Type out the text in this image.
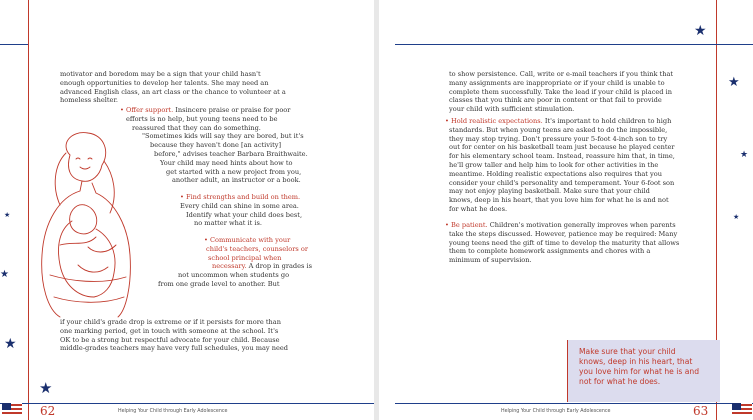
★
★
★
★
motivator and boredom may be a sign that your child hasn't
enough opportunities to develop her talents. She may need an
advanced English class, an art class or the chance to volunteer at a
homeless shelter.
• Offer support. Insincere praise or praise for poor
efforts is no help, but young teens need to be
reassured that they can do something.
"Sometimes kids will say they are bored, but it's
because they haven't done [an activity]
before," advises teacher Barbara Braithwaite.
Your child may need hints about how to
get started with a new project from you,
another adult, an instructor or a book.
• Find strengths and build on them.
Every child can shine in some area.
Identify what your child does best,
no matter what it is.
• Communicate with your
child's teachers, counselors or
school principal when
necessary. A drop in grades is
not uncommon when students go
from one grade level to another. But
if your child's grade drop is extreme or if it persists for more than
one marking period, get in touch with someone at the school. It's
OK to be a strong but respectful advocate for your child. Because
middle-grades teachers may have very full schedules, you may need
62	Helping Your Child through Early Adolescence
★
★
★
★
to show persistence. Call, write or e-mail teachers if you think that
many assignments are inappropriate or if your child is unable to
complete them successfully. Take the lead if your child is placed in
classes that you think are poor in content or that fail to provide
your child with sufficient stimulation.
• Hold realistic expectations. It's important to hold children to high
standards. But when young teens are asked to do the impossible,
they may stop trying. Don't pressure your 5-foot 4-inch son to try
out for center on his basketball team just because he played center
for his elementary school team. Instead, reassure him that, in time,
he'll grow taller and help him to look for other activities in the
meantime. Holding realistic expectations also requires that you
consider your child's personality and temperament. Your 6-foot son
may not enjoy playing basketball. Make sure that your child
knows, deep in his heart, that you love him for what he is and not
for what he does.
• Be patient. Children's motivation generally improves when parents
take the steps discussed. However, patience may be required: Many
young teens need the gift of time to develop the maturity that allows
them to complete homework assignments and chores with a
minimum of supervision.
63
Helping Your Child through Early Adolescence
Make sure that your child
knows, deep in his heart, that
you love him for what he is and
not for what he does.
